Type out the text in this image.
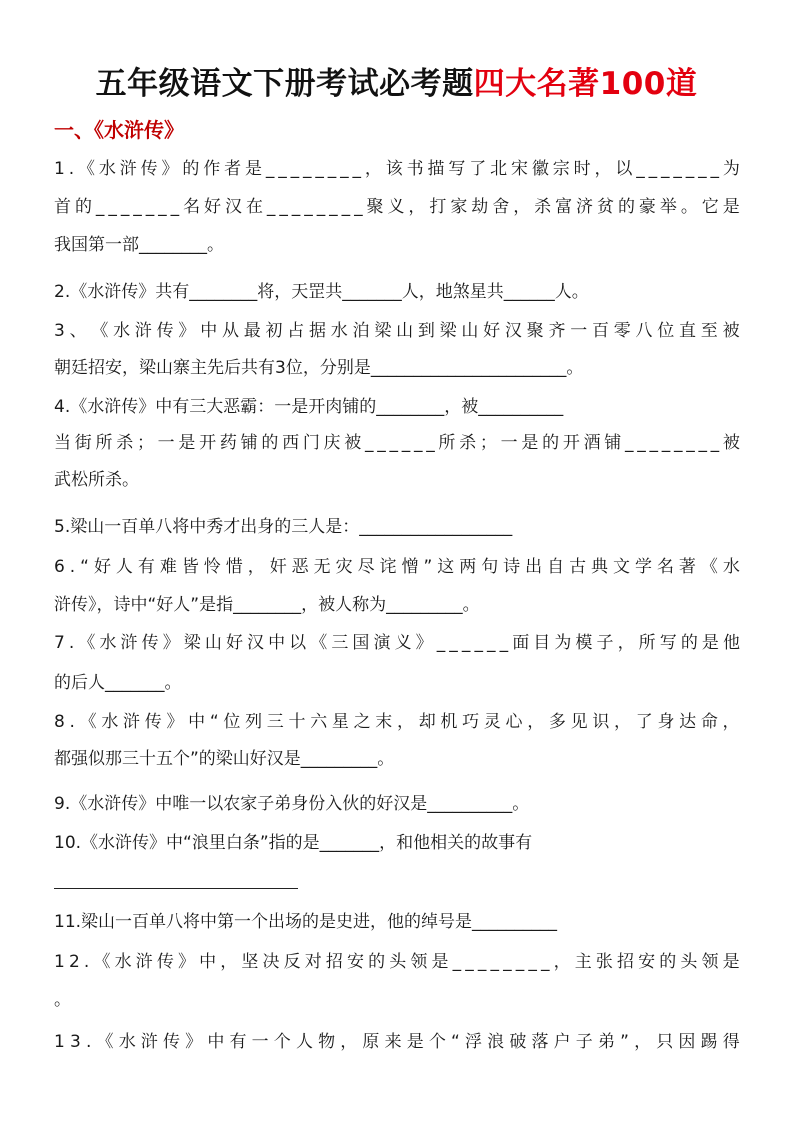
五年级语文下册考试必考题四大名著100道
一、《水浒传》
1 . 《 水 浒 传 》 的 作 者 是 _ _ _ _ _ _ _ _ ， 该 书 描 写 了 北 宋 徽 宗 时 ， 以 _ _ _ _ _ _ _ 为
首 的 _ _ _ _ _ _ _ 名 好 汉 在 _ _ _ _ _ _ _ _ 聚 义 ， 打 家 劫 舍 ， 杀 富 济 贫 的 豪 举 。 它 是
我国第一部________。
2.《水浒传》共有________将，天罡共_______人，地煞星共______人。
3 、 《 水 浒 传 》 中 从 最 初 占 据 水 泊 梁 山 到 梁 山 好 汉 聚 齐 一 百 零 八 位 直 至 被
朝廷招安，梁山寨主先后共有3位，分别是_______________________。
4.《水浒传》中有三大恶霸：一是开肉铺的________，被__________
当 街 所 杀 ； 一 是 开 药 铺 的 西 门 庆 被 _ _ _ _ _ _ 所 杀 ； 一 是 的 开 酒 铺 _ _ _ _ _ _ _ _ 被
武松所杀。
5.梁山一百单八将中秀才出身的三人是：__________________
6 . “ 好 人 有 难 皆 怜 惜 ， 奸 恶 无 灾 尽 诧 憎 ” 这 两 句 诗 出 自 古 典 文 学 名 著 《 水
浒传》，诗中“好人”是指________，被人称为_________。
7 . 《 水 浒 传 》 梁 山 好 汉 中 以 《 三 国 演 义 》 _ _ _ _ _ _ 面 目 为 模 子 ， 所 写 的 是 他
的后人_______。
8 . 《 水 浒 传 》 中 “ 位 列 三 十 六 星 之 末 ， 却 机 巧 灵 心 ， 多 见 识 ， 了 身 达 命 ，
都强似那三十五个”的梁山好汉是_________。
9.《水浒传》中唯一以农家子弟身份入伙的好汉是__________。
10.《水浒传》中“浪里白条”指的是_______，和他相关的故事有
11.梁山一百单八将中第一个出场的是史进，他的绰号是__________
1 2 . 《 水 浒 传 》 中 ， 坚 决 反 对 招 安 的 头 领 是 _ _ _ _ _ _ _ _ ， 主 张 招 安 的 头 领 是
。
1 3 . 《 水 浒 传 》 中 有 一 个 人 物 ， 原 来 是 个 “ 浮 浪 破 落 户 子 弟 ” ， 只 因 踢 得
